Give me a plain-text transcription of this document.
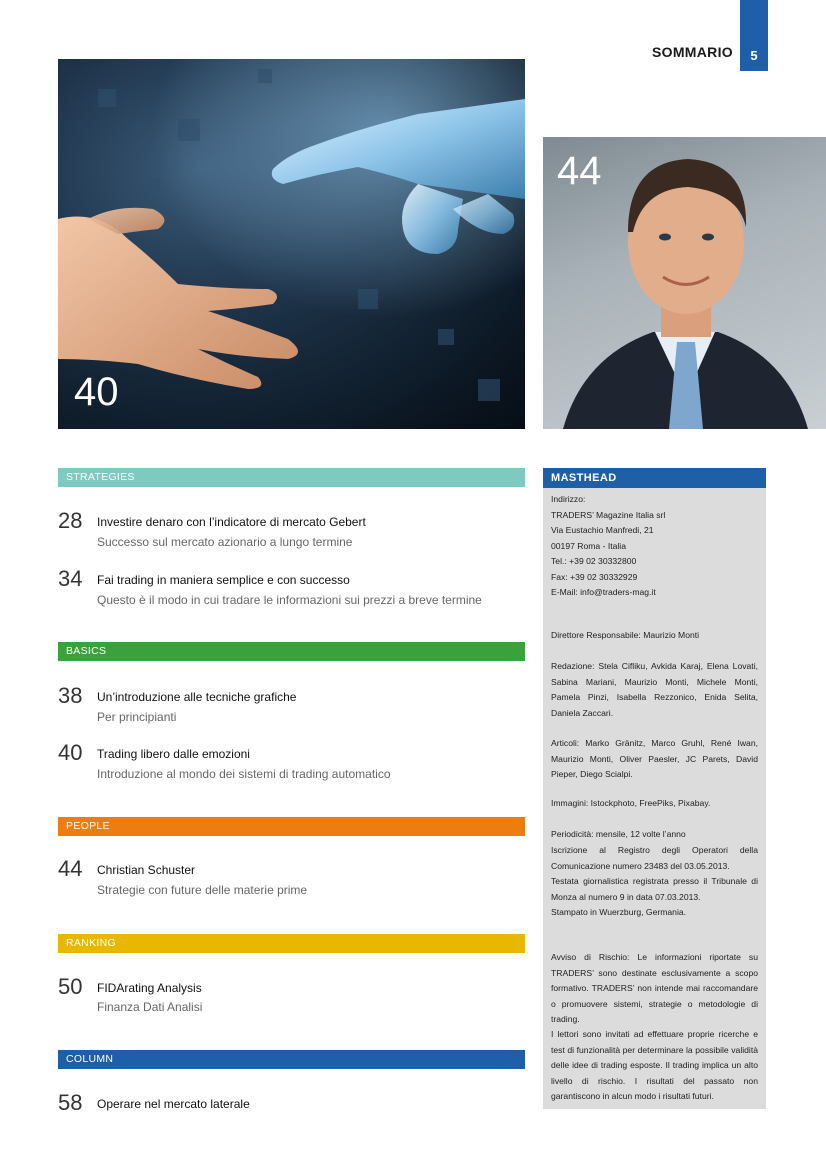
SOMMARIO	5
40
44
STRATEGIES
28 Investire denaro con l’indicatore di mercato Gebert
Successo sul mercato azionario a lungo termine
34 Fai trading in maniera semplice e con successo
Questo è il modo in cui tradare le informazioni sui prezzi a breve termine
BASICS
38 Un’introduzione alle tecniche grafiche
Per principianti
40 Trading libero dalle emozioni
Introduzione al mondo dei sistemi di trading automatico
PEOPLE
44 Christian Schuster
Strategie con future delle materie prime
RANKING
50 FIDArating Analysis
Finanza Dati Analisi
COLUMN
58 Operare nel mercato laterale
MASTHEAD
Indirizzo:
TRADERS’ Magazine Italia srl
Via Eustachio Manfredi, 21
00197 Roma - Italia
Tel.: +39 02 30332800
Fax: +39 02 30332929
E-Mail: info@traders-mag.it
Direttore Responsabile: Maurizio Monti
Redazione: Stela Cifliku, Avkida Karaj, Elena Lovati, Sabina Mariani, Maurizio Monti, Michele Monti, Pamela Pinzi, Isabella Rezzonico, Enida Selita, Daniela Zaccari.
Articoli: Marko Gränitz, Marco Gruhl, René Iwan, Maurizio Monti, Oliver Paesler, JC Parets, David Pieper, Diego Scialpi.
Immagini: Istockphoto, FreePiks, Pixabay.
Periodicità: mensile, 12 volte l’anno
Iscrizione al Registro degli Operatori della Comunicazione numero 23483 del 03.05.2013.
Testata giornalistica registrata presso il Tribunale di Monza al numero 9 in data 07.03.2013.
Stampato in Wuerzburg, Germania.
Avviso di Rischio: Le informazioni riportate su TRADERS’ sono destinate esclusivamente a scopo formativo. TRADERS’ non intende mai raccomandare o promuovere sistemi, strategie o metodologie di trading.
I lettori sono invitati ad effettuare proprie ricerche e test di funzionalità per determinare la possibile validità delle idee di trading esposte. Il trading implica un alto livello di rischio. I risultati del passato non garantiscono in alcun modo i risultati futuri.
